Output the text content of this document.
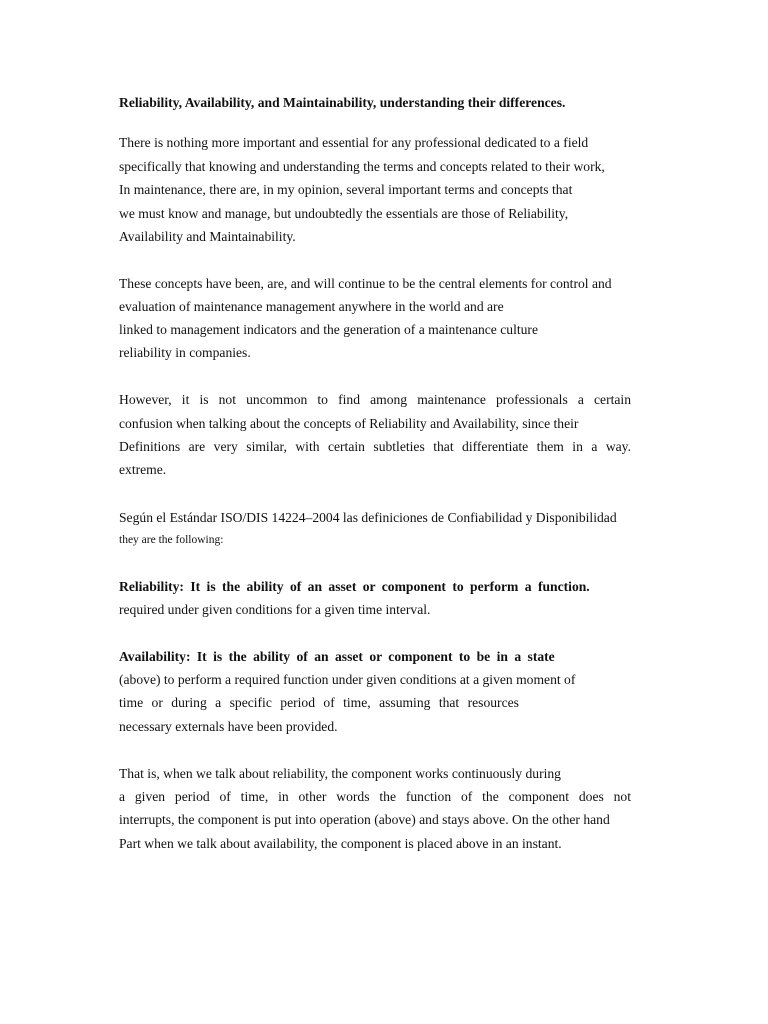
Reliability, Availability, and Maintainability, understanding their differences.

There is nothing more important and essential for any professional dedicated to a field

specifically that knowing and understanding the terms and concepts related to their work,

In maintenance, there are, in my opinion, several important terms and concepts that

we must know and manage, but undoubtedly the essentials are those of Reliability,

Availability and Maintainability.

These concepts have been, are, and will continue to be the central elements for control and

evaluation of maintenance management anywhere in the world and are

linked to management indicators and the generation of a maintenance culture

reliability in companies.

However, it is not uncommon to find among maintenance professionals a certain

confusion when talking about the concepts of Reliability and Availability, since their

Definitions are very similar, with certain subtleties that differentiate them in a way.

extreme.

Según el Estándar ISO/DIS 14224–2004 las definiciones de Confiabilidad y Disponibilidad

they are the following:

Reliability: It is the ability of an asset or component to perform a function.

required under given conditions for a given time interval.

Availability: It is the ability of an asset or component to be in a state

(above) to perform a required function under given conditions at a given moment of

time or during a specific period of time, assuming that resources

necessary externals have been provided.

That is, when we talk about reliability, the component works continuously during

a given period of time, in other words the function of the component does not

interrupts, the component is put into operation (above) and stays above. On the other hand

Part when we talk about availability, the component is placed above in an instant.
